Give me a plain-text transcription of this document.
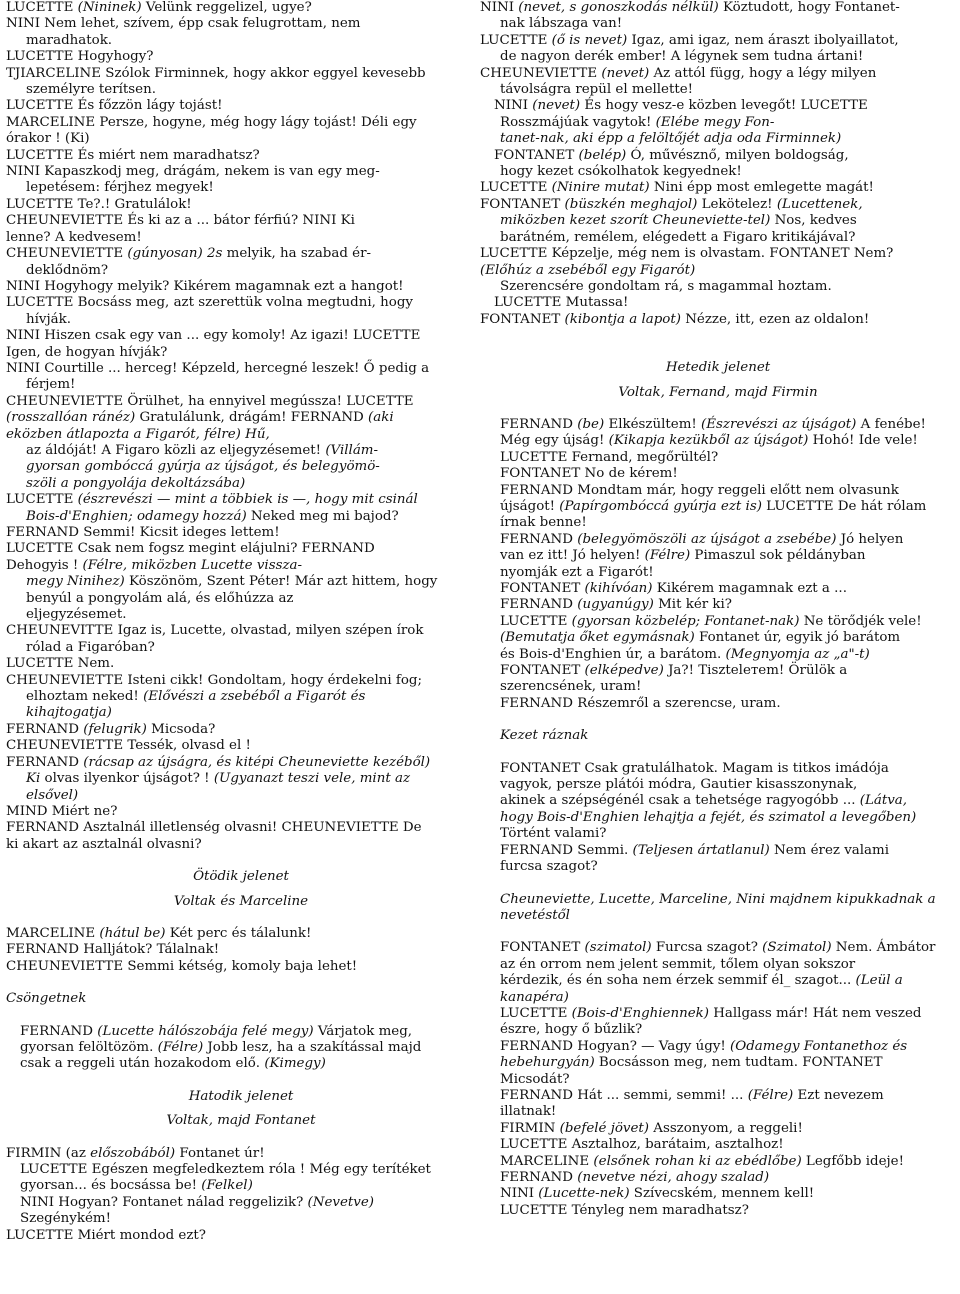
LUCETTE (Nininek) Velünk reggelizel, ugye?

NINI Nem lehet, szívem, épp csak felugrottam, nem

maradhatok.

LUCETTE Hogyhogy?

TJIARCELINE Szólok Firminnek, hogy akkor eggyel kevesebb

személyre terítsen.

LUCETTE És főzzön lágy tojást!

MARCELINE Persze, hogyne, még hogy lágy tojást! Déli egy

órakor ! (Ki)

LUCETTE És miért nem maradhatsz?

NINI Kapaszkodj meg, drágám, nekem is van egy meg-

lepetésem: férjhez megyek!

LUCETTE Te?.! Gratulálok!

CHEUNEVIETTE És ki az a ... bátor férfiú? NINI Ki

lenne? A kedvesem!

CHEUNEVIETTE (gúnyosan) 2s melyik, ha szabad ér-

deklődnöm?

NINI Hogyhogy melyik? Kikérem magamnak ezt a hangot!

LUCETTE Bocsáss meg, azt szerettük volna megtudni, hogy

hívják.

NINI Hiszen csak egy van ... egy komoly! Az igazi! LUCETTE

Igen, de hogyan hívják?

NINI Courtille ... herceg! Képzeld, hercegné leszek! Ő pedig a

férjem!

CHEUNEVIETTE Örülhet, ha ennyivel megússza! LUCETTE

(rosszallóan ránéz) Gratulálunk, drágám! FERNAND (aki

eközben átlapozta a Figarót, félre) Hű,

az áldóját! A Figaro közli az eljegyzésemet! (Villám-

gyorsan gombóccá gyúrja az újságot, és belegyömö-

szöli a pongyolája dekoltázsába)

LUCETTE (észrevészi — mint a többiek is —, hogy mit csinál

Bois-d'Enghien; odamegy hozzá) Neked meg mi bajod?

FERNAND Semmi! Kicsit ideges lettem!

LUCETTE Csak nem fogsz megint elájulni? FERNAND

Dehogyis ! (Félre, miközben Lucette vissza-

megy Ninihez) Köszönöm, Szent Péter! Már azt hittem, hogy

benyúl a pongyolám alá, és előhúzza az

eljegyzésemet.

CHEUNEVITTE Igaz is, Lucette, olvastad, milyen szépen írok

rólad a Figaróban?

LUCETTE Nem.

CHEUNEVIETTE Isteni cikk! Gondoltam, hogy érdekelni fog;

elhoztam neked! (Elővészi a zsebéből a Figarót és

kihajtogatja)

FERNAND (felugrik) Micsoda?

CHEUNEVIETTE Tessék, olvasd el !

FERNAND (rácsap az újságra, és kitépi Cheuneviette kezéből)

Ki olvas ilyenkor újságot? ! (Ugyanazt teszi vele, mint az

elsővel)

MIND Miért ne?

FERNAND Asztalnál illetlenség olvasni! CHEUNEVIETTE De

ki akart az asztalnál olvasni?

Ötödik jelenet

Voltak és Marceline

MARCELINE (hátul be) Két perc és tálalunk!

FERNAND Halljátok? Tálalnak!

CHEUNEVIETTE Semmi kétség, komoly baja lehet!

Csöngetnek

FERNAND (Lucette hálószobája felé megy) Várjatok meg,

gyorsan felöltözöm. (Félre) Jobb lesz, ha a szakítással majd

csak a reggeli után hozakodom elő. (Kimegy)

Hatodik jelenet

Voltak, majd Fontanet

FIRMIN (az előszobából) Fontanet úr!

LUCETTE Egészen megfeledkeztem róla ! Még egy terítéket

gyorsan... és bocsássa be! (Felkel)

NINI Hogyan? Fontanet nálad reggelizik? (Nevetve)

Szegénykém!

LUCETTE Miért mondod ezt?

NINI (nevet, s gonoszkodás nélkül) Köztudott, hogy Fontanet-

nak lábszaga van!

LUCETTE (ő is nevet) Igaz, ami igaz, nem áraszt ibolyaillatot,

de nagyon derék ember! A légynek sem tudna ártani!

CHEUNEVIETTE (nevet) Az attól függ, hogy a légy milyen

távolságra repül el mellette!

NINI (nevet) És hogy vesz-e közben levegőt! LUCETTE

Rosszmájúak vagytok! (Elébe megy Fon-

tanet-nak, aki épp a felöltőjét adja oda Firminnek)

FONTANET (belép) Ó, művésznő, milyen boldogság,

hogy kezet csókolhatok kegyednek!

LUCETTE (Ninire mutat) Nini épp most emlegette magát!

FONTANET (büszkén meghajol) Lekötelez! (Lucettenek,

miközben kezet szorít Cheuneviette-tel) Nos, kedves

barátném, remélem, elégedett a Figaro kritikájával?

LUCETTE Képzelje, még nem is olvastam. FONTANET Nem?

(Előhúz a zsebéből egy Figarót)

Szerencsére gondoltam rá, s magammal hoztam.

LUCETTE Mutassa!

FONTANET (kibontja a lapot) Nézze, itt, ezen az oldalon!

Hetedik jelenet

Voltak, Fernand, majd Firmin

FERNAND (be) Elkészültem! (Észrevészi az újságot) A fenébe!

Még egy újság! (Kikapja kezükből az újságot) Hohó! Ide vele!

LUCETTE Fernand, megőrültél?

FONTANET No de kérem!

FERNAND Mondtam már, hogy reggeli előtt nem olvasunk

újságot! (Papírgombóccá gyúrja ezt is) LUCETTE De hát rólam

írnak benne!

FERNAND (belegyömöszöli az újságot a zsebébe) Jó helyen

van ez itt! Jó helyen! (Félre) Pimaszul sok példányban

nyomják ezt a Figarót!

FONTANET (kihívóan) Kikérem magamnak ezt a ...

FERNAND (ugyanúgy) Mit kér ki?

LUCETTE (gyorsan közbelép; Fontanet-nak) Ne törődjék vele!

(Bemutatja őket egymásnak) Fontanet úr, egyik jó barátom

és Bois-d'Enghien úr, a barátom. (Megnyomja az „a"-t)

FONTANET (elképedve) Ja?! Tisztelетem! Örülök a

szerencsének, uram!

FERNAND Részemről a szerencse, uram.

Kezet ráznak

FONTANET Csak gratulálhatok. Magam is titkos imádója

vagyok, persze plátói módra, Gautier kisasszonynak,

akinek a szépségénél csak a tehetsége ragyogóbb ... (Látva,

hogy Bois-d'Enghien lehajtja a fejét, és szimatol a levegőben)

Történt valami?

FERNAND Semmi. (Teljesen ártatlanul) Nem érez valami

furcsa szagot?

Cheuneviette, Lucette, Marceline, Nini majdnem kipukkadnak a

nevetéstől

FONTANET (szimatol) Furcsa szagot? (Szimatol) Nem. Ámbátor

az én orrom nem jelent semmit, tőlem olyan sokszor

kérdezik, és én soha nem érzek semmif él_ szagot... (Leül a

kanapéra)

LUCETTE (Bois-d'Enghiennek) Hallgass már! Hát nem veszed

észre, hogy ő bűzlik?

FERNAND Hogyan? — Vagy úgy! (Odamegy Fontanethoz és

hebehurgyán) Bocsásson meg, nem tudtam. FONTANET

Micsodát?

FERNAND Hát ... semmi, semmi! ... (Félre) Ezt nevezem

illatnak!

FIRMIN (befelé jövet) Asszonyom, a reggeli!

LUCETTE Asztalhoz, barátaim, asztalhoz!

MARCELINE (elsőnek rohan ki az ebédlőbe) Legfőbb ideje!

FERNAND (nevetve nézi, ahogy szalad)

NINI (Lucette-nek) Szívecském, mennem kell!

LUCETTE Tényleg nem maradhatsz?
